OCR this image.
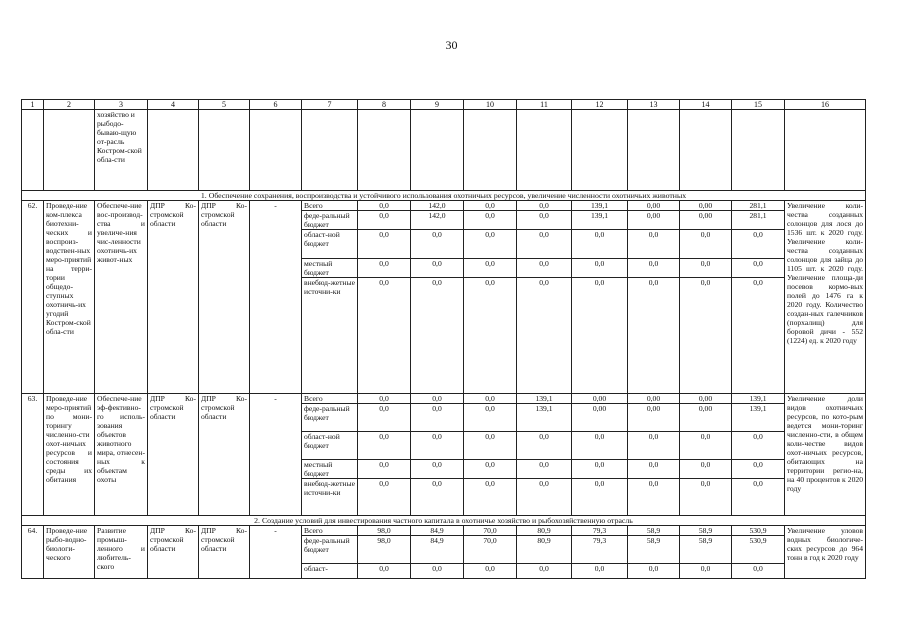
30
1	2	3	4	5	6	7	8	9	10	11	12	13	14	15	16
		хозяйство и рыбодо-бываю-щую от-расль Костром-ской обла-сти													
1. Обеспечение сохранения, воспроизводства и устойчивого использования охотничьих ресурсов, увеличение численности охотничьих животных															
62.	Проведе-ние ком-плекса биотехни-ческих и воспроиз-водствен-ных меро-приятий на терри-тории общедо-ступных охотничь-их угодий Костром-ской обла-сти	Обеспече-ние вос-производ-ства и увеличе-ния чис-ленности охотничь-их живот-ных	ДПР Ко-стромской области	ДПР Ко-стромской области	-	Всего	0,0	142,0	0,0	0,0	139,1	0,00	0,00	281,1	Увеличение коли-чества созданных солонцов для лося до 1536 шт. к 2020 году. Увеличение коли-чества созданных солонцов для зайца до 1105 шт. к 2020 году. Увеличение площа-ди посевов кормо-вых полей до 1476 га к 2020 году. Количество создан-ных галечников (порхалищ) для боровой дичи - 552 (1224) ед. к 2020 году
						феде-ральный бюджет	0,0	142,0	0,0	0,0	139,1	0,00	0,00	281,1	
						област-ной бюджет	0,0	0,0	0,0	0,0	0,0	0,0	0,0	0,0	
						местный бюджет	0,0	0,0	0,0	0,0	0,0	0,0	0,0	0,0	
						внебюд-жетные источни-ки	0,0	0,0	0,0	0,0	0,0	0,0	0,0	0,0	
63.	Проведе-ние меро-приятий по мони-торингу численно-сти охот-ничьих ресурсов и состояния среды их обитания	Обеспече-ние эф-фективно-го исполь-зования объектов животного мира, отнесен-ных к объектам охоты	ДПР Ко-стромской области	ДПР Ко-стромской области	-	Всего	0,0	0,0	0,0	139,1	0,00	0,00	0,00	139,1	Увеличение доли видов охотничьих ресурсов, по кото-рым ведется мони-торинг численно-сти, в общем коли-честве видов охот-ничьих ресурсов, обитающих на территории регио-на, на 40 процентов к 2020 году
						феде-ральный бюджет	0,0	0,0	0,0	139,1	0,00	0,00	0,00	139,1	
						област-ной бюджет	0,0	0,0	0,0	0,0	0,0	0,0	0,0	0,0	
						местный бюджет	0,0	0,0	0,0	0,0	0,0	0,0	0,0	0,0	
						внебюд-жетные источни-ки	0,0	0,0	0,0	0,0	0,0	0,0	0,0	0,0	
2. Создание условий для инвестирования частного капитала в охотничье хозяйство и рыбохозяйственную отрасль															
64.	Проведе-ние рыбо-водно-биологи-ческого	Развитие промыш-ленного и любитель-ского	ДПР Ко-стромской области	ДПР Ко-стромской области	-	Всего	98,0	84,9	70,0	80,9	79,3	58,9	58,9	530,9	Увеличение уловов водных биологиче-ских ресурсов до 964 тонн в год к 2020 году
						феде-ральный бюджет	98,0	84,9	70,0	80,9	79,3	58,9	58,9	530,9	
						област-	0,0	0,0	0,0	0,0	0,0	0,0	0,0	0,0	
